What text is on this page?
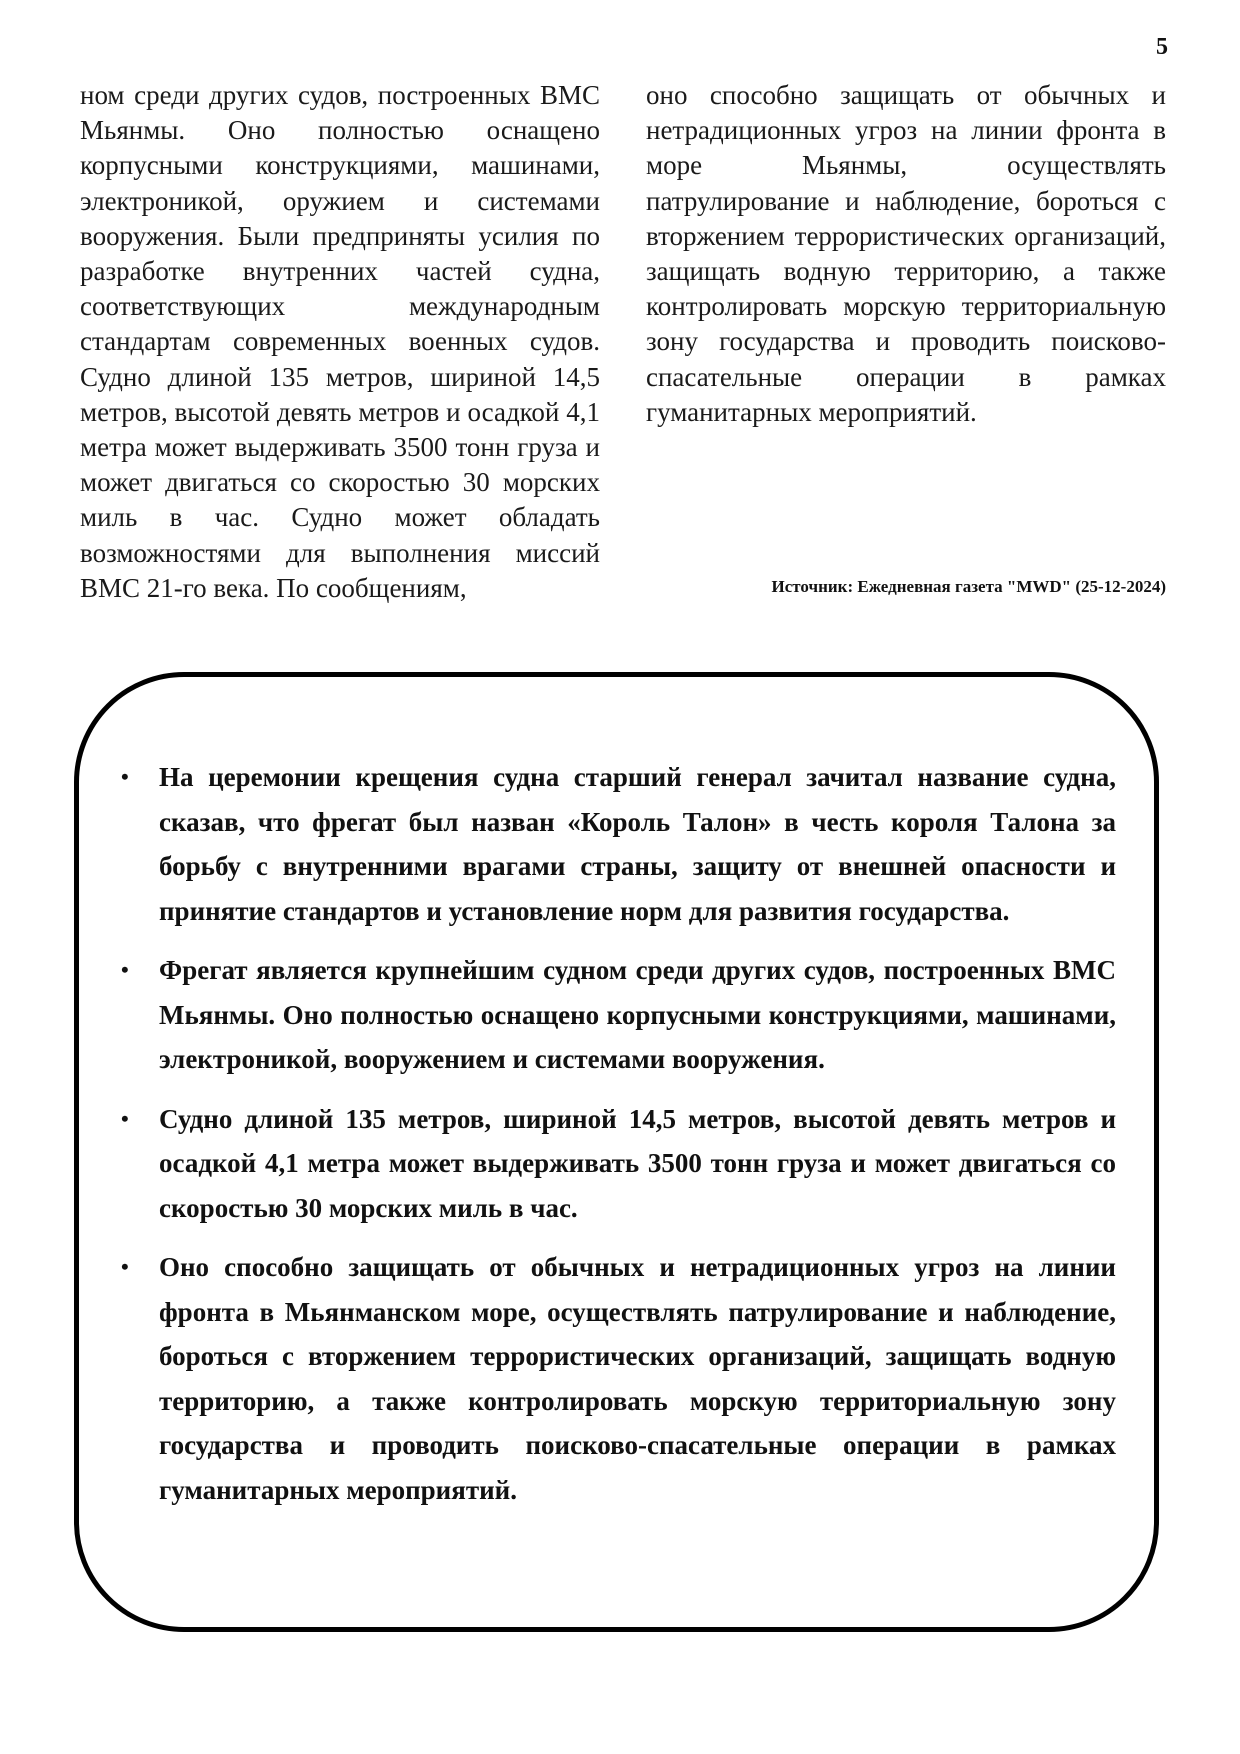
5

ном среди других судов, построенных ВМС Мьянмы. Оно полностью оснащено корпусными конструкциями, машинами, электроникой, оружием и системами вооружения. Были предприняты усилия по разработке внутренних частей судна, соответствующих международным стандартам современных военных судов. Судно длиной 135 метров, шириной 14,5 метров, высотой девять метров и осадкой 4,1 метра может выдерживать 3500 тонн груза и может двигаться со скоростью 30 морских миль в час. Судно может обладать возможностями для выполнения миссий ВМС 21-го века. По сообщениям,

оно способно защищать от обычных и нетрадиционных угроз на линии фронта в море Мьянмы, осуществлять патрулирование и наблюдение, бороться с вторжением террористических организаций, защищать водную территорию, а также контролировать морскую территориальную зону государства и проводить поисково-спасательные операции в рамках гуманитарных мероприятий.

Источник: Ежедневная газета "MWD" (25-12-2024)
• На церемонии крещения судна старший генерал зачитал название судна, сказав, что фрегат был назван «Король Талон» в честь короля Талона за борьбу с внутренними врагами страны, защиту от внешней опасности и принятие стандартов и установление норм для развития государства.
• Фрегат является крупнейшим судном среди других судов, построенных ВМС Мьянмы. Оно полностью оснащено корпусными конструкциями, машинами, электроникой, вооружением и системами вооружения.
• Судно длиной 135 метров, шириной 14,5 метров, высотой девять метров и осадкой 4,1 метра может выдерживать 3500 тонн груза и может двигаться со скоростью 30 морских миль в час.
• Оно способно защищать от обычных и нетрадиционных угроз на линии фронта в Мьянманском море, осуществлять патрулирование и наблюдение, бороться с вторжением террористических организаций, защищать водную территорию, а также контролировать морскую территориальную зону государства и проводить поисково-спасательные операции в рамках гуманитарных мероприятий.
